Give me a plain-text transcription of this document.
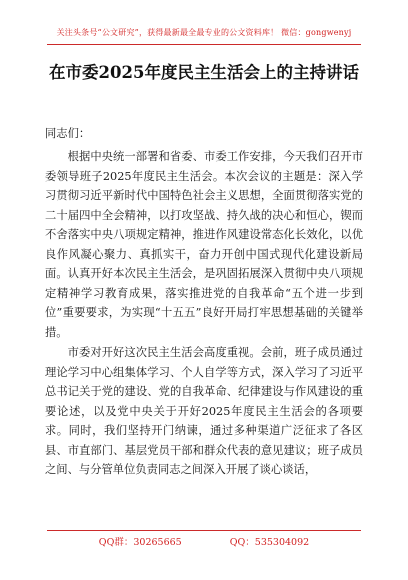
关注头条号“公文研究”，获得最新最全最专业的公文资料库！ 微信：gongwenyj
在市委2025年度民主生活会上的主持讲话
同志们：

根据中央统一部署和省委、市委工作安排，今天我们召开市委领导班子2025年度民主生活会。本次会议的主题是：深入学习贯彻习近平新时代中国特色社会主义思想，全面贯彻落实党的二十届四中全会精神，以打攻坚战、持久战的决心和恒心，锲而不舍落实中央八项规定精神，推进作风建设常态化长效化，以优良作风凝心聚力、真抓实干，奋力开创中国式现代化建设新局面。认真开好本次民主生活会，是巩固拓展深入贯彻中央八项规定精神学习教育成果，落实推进党的自我革命“五个进一步到位”重要要求，为实现“十五五”良好开局打牢思想基础的关键举措。

市委对开好这次民主生活会高度重视。会前，班子成员通过理论学习中心组集体学习、个人自学等方式，深入学习了习近平总书记关于党的建设、党的自我革命、纪律建设与作风建设的重要论述，以及党中央关于开好2025年度民主生活会的各项要求。同时，我们坚持开门纳谏，通过多种渠道广泛征求了各区县、市直部门、基层党员干部和群众代表的意见建议；班子成员之间、与分管单位负责同志之间深入开展了谈心谈话，

QQ群：30265665	QQ：535304092
